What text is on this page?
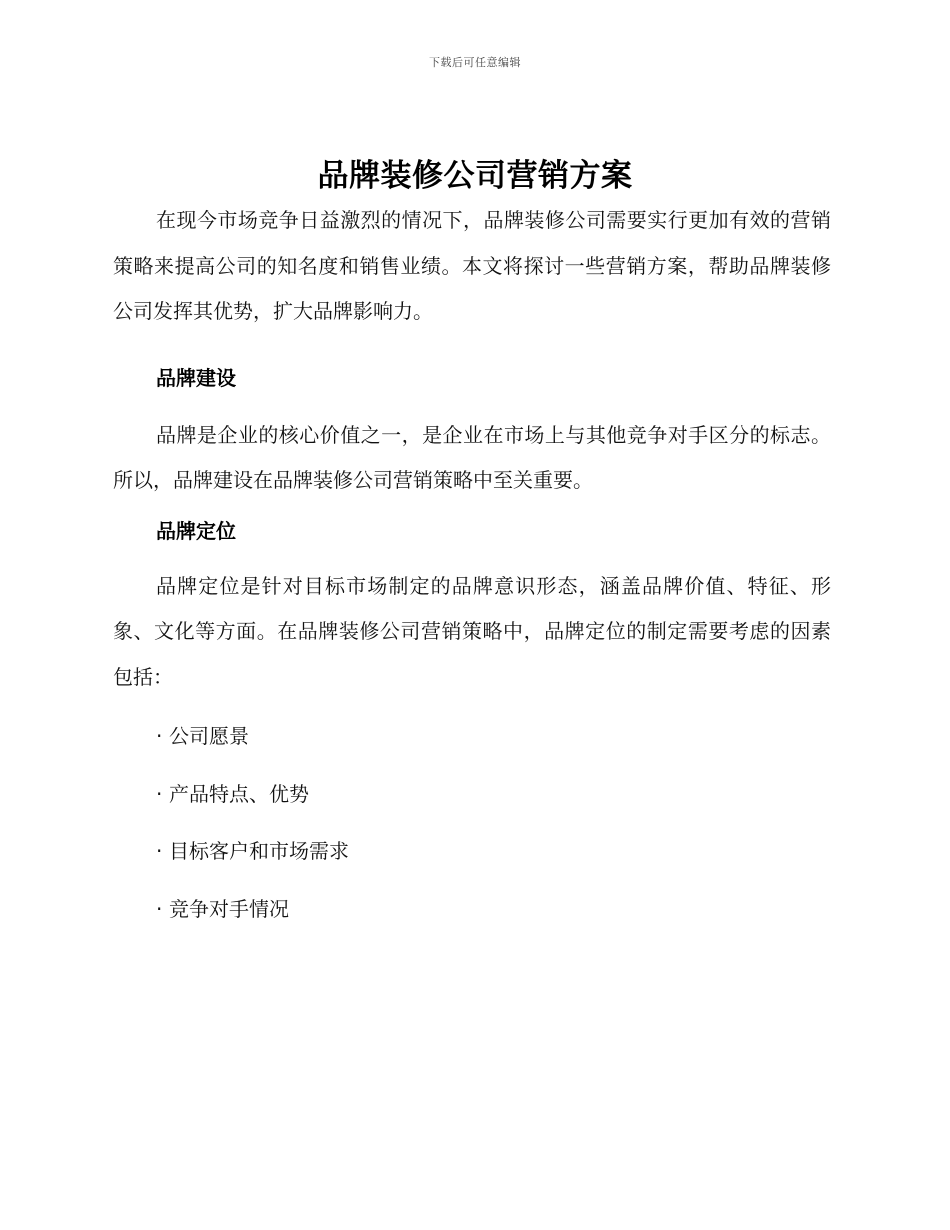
下载后可任意编辑
品牌装修公司营销方案

在现今市场竞争日益激烈的情况下，品牌装修公司需要实行更加有效的营销策略来提高公司的知名度和销售业绩。本文将探讨一些营销方案，帮助品牌装修公司发挥其优势，扩大品牌影响力。

品牌建设

品牌是企业的核心价值之一，是企业在市场上与其他竞争对手区分的标志。所以，品牌建设在品牌装修公司营销策略中至关重要。

品牌定位

品牌定位是针对目标市场制定的品牌意识形态，涵盖品牌价值、特征、形象、文化等方面。在品牌装修公司营销策略中，品牌定位的制定需要考虑的因素包括：

· 公司愿景
· 产品特点、优势
· 目标客户和市场需求
· 竞争对手情况
